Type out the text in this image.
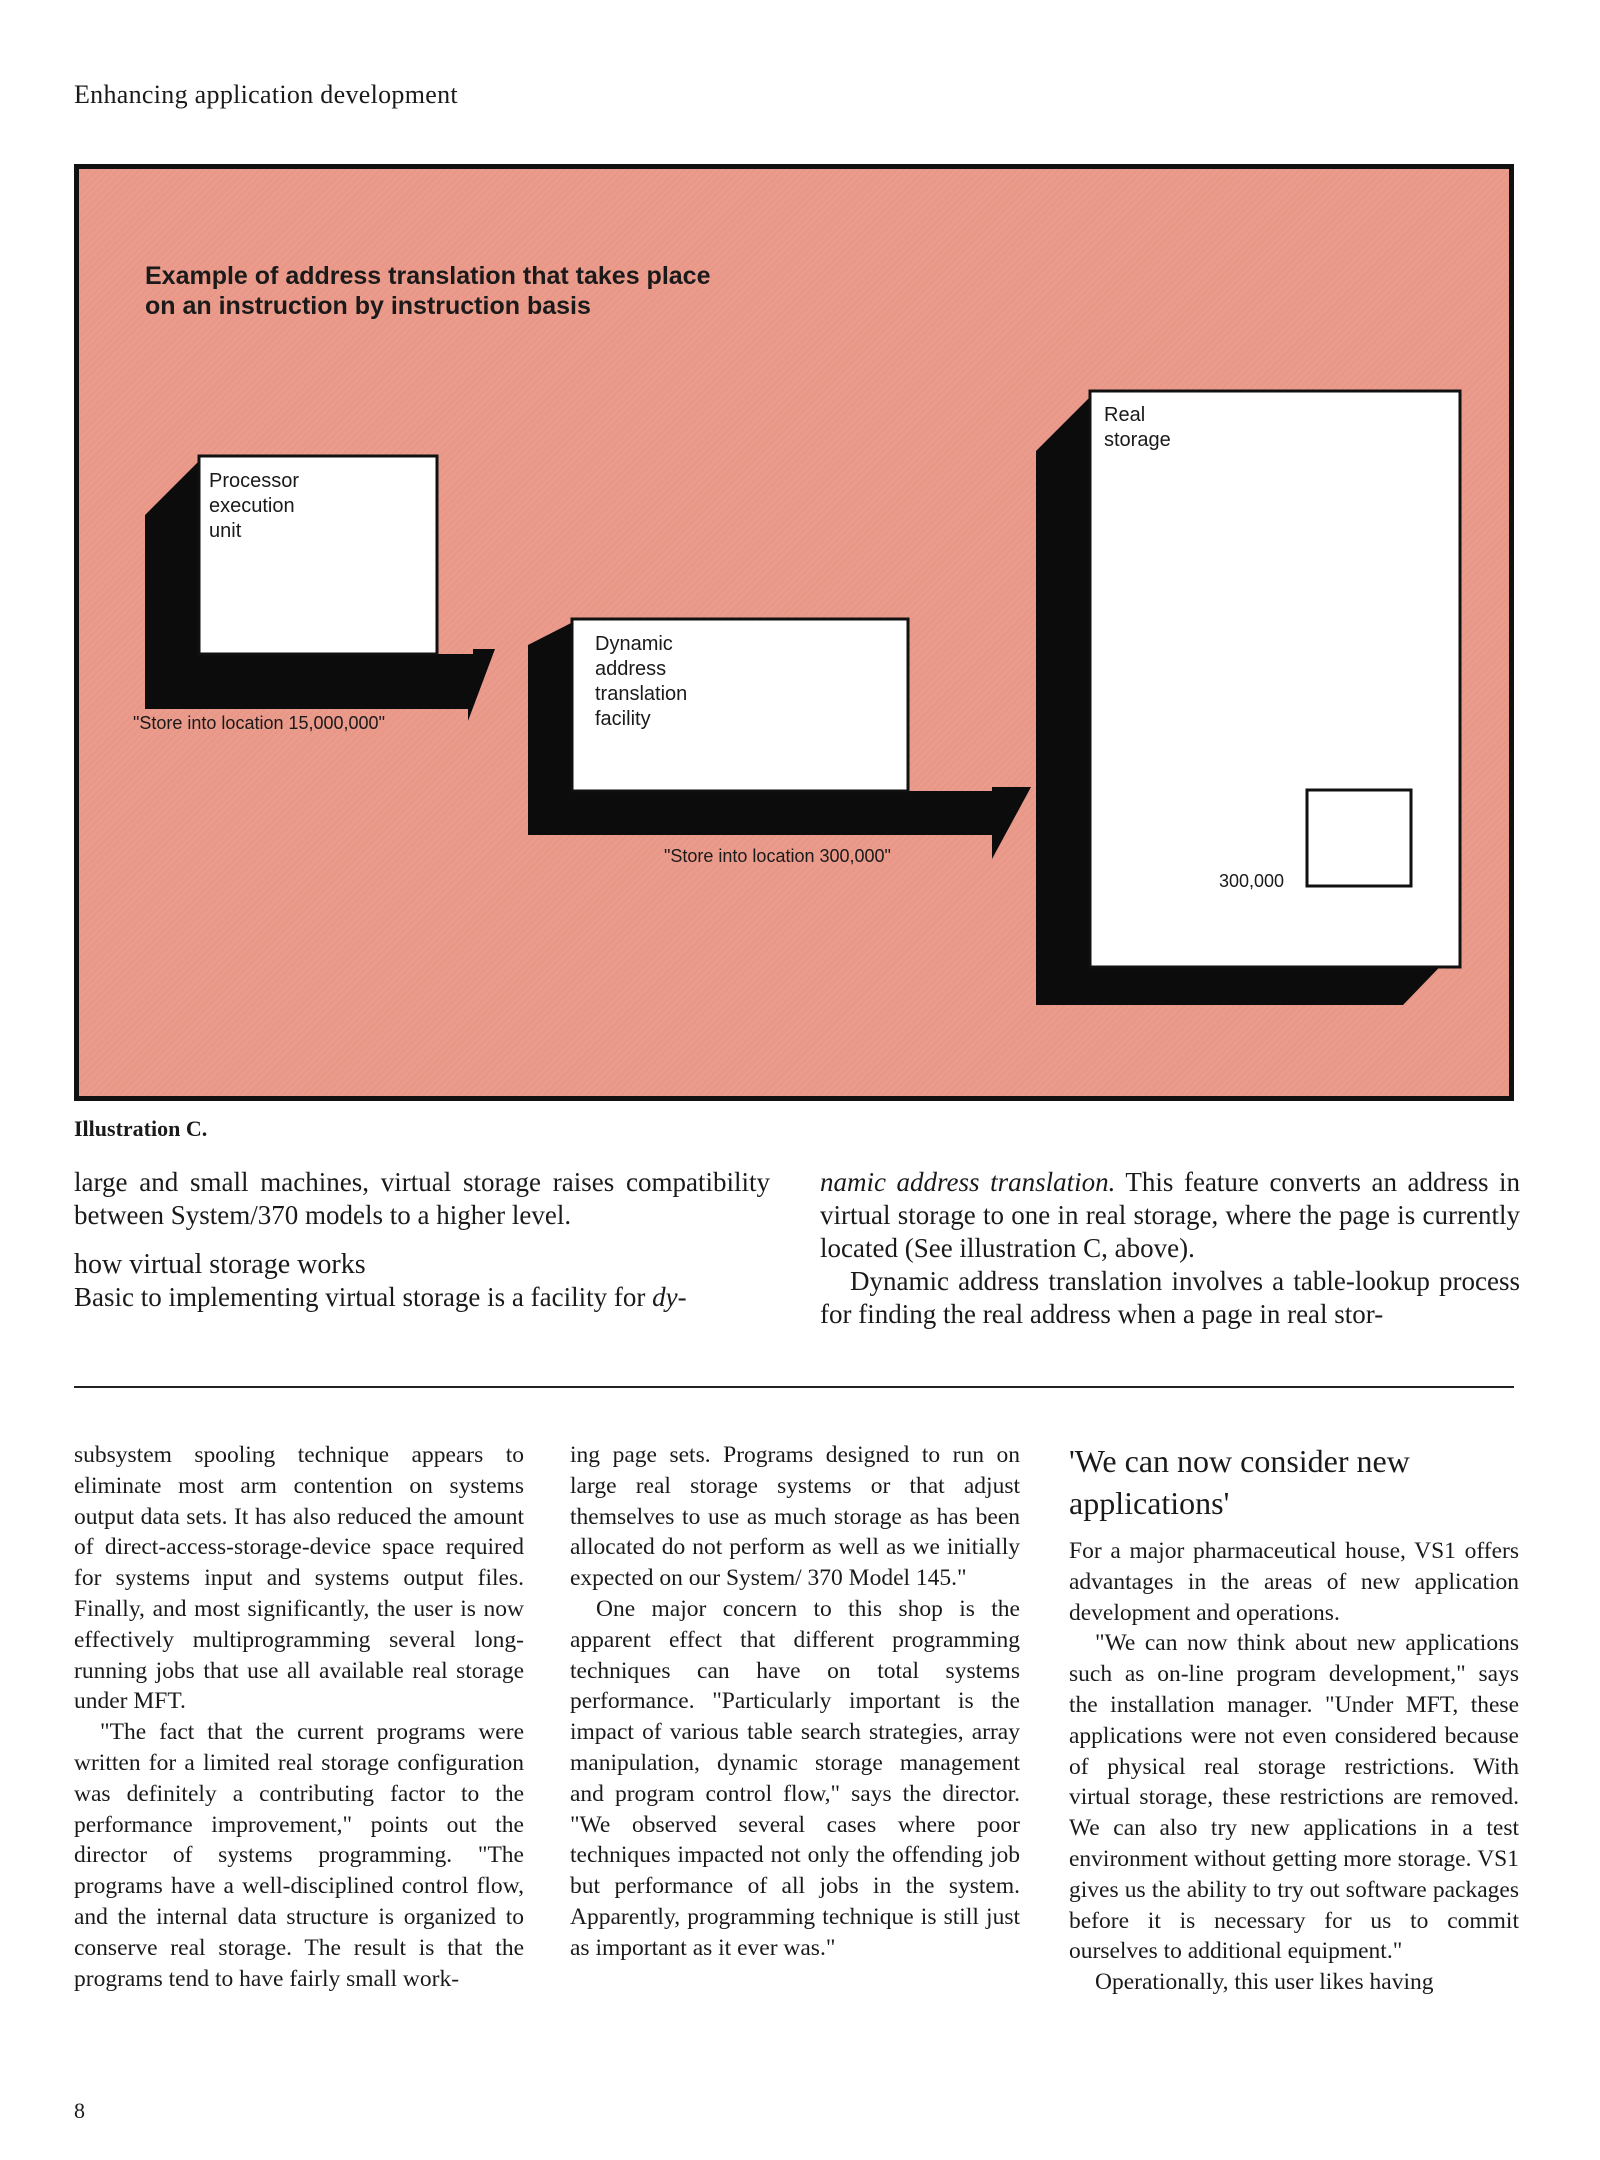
Enhancing application development
Example of address translation that takes place
on an instruction by instruction basis
Processor
execution
unit
Dynamic
address
translation
facility
Real
storage
"Store into location 15,000,000"
"Store into location 300,000"
300,000
Illustration C.

large and small machines, virtual storage raises compatibility between System/370 models to a higher level.

how virtual storage works

Basic to implementing virtual storage is a facility for dy-

namic address translation. This feature converts an address in virtual storage to one in real storage, where the page is currently located (See illustration C, above).

Dynamic address translation involves a table-lookup process for finding the real address when a page in real stor-

subsystem spooling technique appears to eliminate most arm contention on systems output data sets. It has also reduced the amount of direct-access-storage-device space required for systems input and systems output files. Finally, and most significantly, the user is now effectively multiprogramming several long-running jobs that use all available real storage under MFT.

"The fact that the current programs were written for a limited real storage configuration was definitely a contributing factor to the performance improvement," points out the director of systems programming. "The programs have a well-disciplined control flow, and the internal data structure is organized to conserve real storage. The result is that the programs tend to have fairly small work-

ing page sets. Programs designed to run on large real storage systems or that adjust themselves to use as much storage as has been allocated do not perform as well as we initially expected on our System/ 370 Model 145."

One major concern to this shop is the apparent effect that different programming techniques can have on total systems performance. "Particularly important is the impact of various table search strategies, array manipulation, dynamic storage management and program control flow," says the director. "We observed several cases where poor techniques impacted not only the offending job but performance of all jobs in the system. Apparently, programming technique is still just as important as it ever was."

'We can now consider new applications'

For a major pharmaceutical house, VS1 offers advantages in the areas of new application development and operations.

"We can now think about new applications such as on-line program development," says the installation manager. "Under MFT, these applications were not even considered because of physical real storage restrictions. With virtual storage, these restrictions are removed. We can also try new applications in a test environment without getting more storage. VS1 gives us the ability to try out software packages before it is necessary for us to commit ourselves to additional equipment."

Operationally, this user likes having

8
